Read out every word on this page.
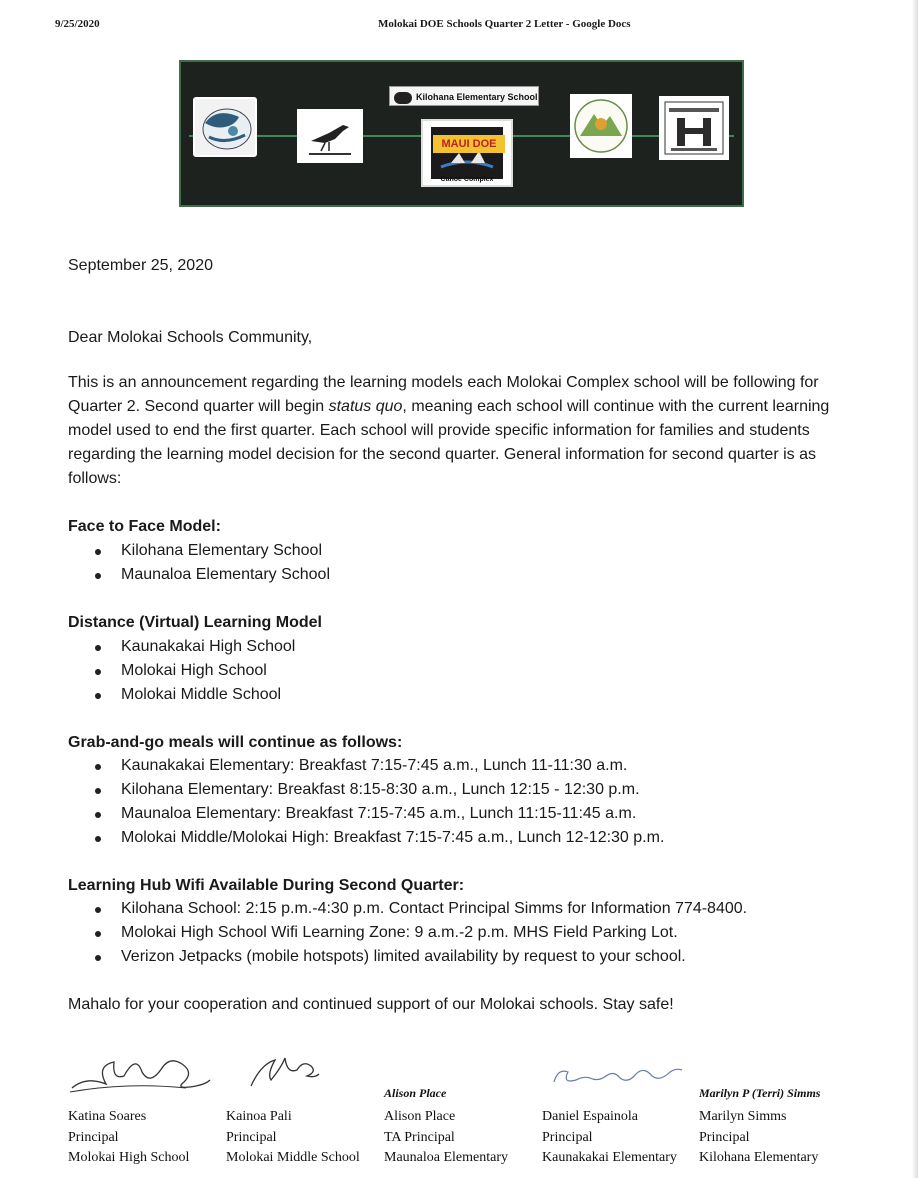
9/25/2020	Molokai DOE Schools Quarter 2 Letter - Google Docs
Kilohana Elementary School
MAUI DOE
Canoe Complex
September 25, 2020
Dear Molokai Schools Community,
This is an announcement regarding the learning models each Molokai Complex school will be following for Quarter 2. Second quarter will begin status quo, meaning each school will continue with the current learning model used to end the first quarter. Each school will provide specific information for families and students regarding the learning model decision for the second quarter. General information for second quarter is as follows:
Face to Face Model:
Kilohana Elementary School
Maunaloa Elementary School
Distance (Virtual) Learning Model
Kaunakakai High School
Molokai High School
Molokai Middle School
Grab-and-go meals will continue as follows:
Kaunakakai Elementary: Breakfast 7:15-7:45 a.m., Lunch 11-11:30 a.m.
Kilohana Elementary: Breakfast 8:15-8:30 a.m., Lunch 12:15 - 12:30 p.m.
Maunaloa Elementary: Breakfast 7:15-7:45 a.m., Lunch 11:15-11:45 a.m.
Molokai Middle/Molokai High: Breakfast 7:15-7:45 a.m., Lunch 12-12:30 p.m.
Learning Hub Wifi Available During Second Quarter:
Kilohana School: 2:15 p.m.-4:30 p.m. Contact Principal Simms for Information 774-8400.
Molokai High School Wifi Learning Zone: 9 a.m.-2 p.m. MHS Field Parking Lot.
Verizon Jetpacks (mobile hotspots) limited availability by request to your school.
Mahalo for your cooperation and continued support of our Molokai schools. Stay safe!
Alison Place	Marilyn P (Terri) Simms
Katina Soares
Principal
Molokai High School
Kainoa Pali
Principal
Molokai Middle School
Alison Place
TA Principal
Maunaloa Elementary
Daniel Espainola
Principal
Kaunakakai Elementary
Marilyn Simms
Principal
Kilohana Elementary
